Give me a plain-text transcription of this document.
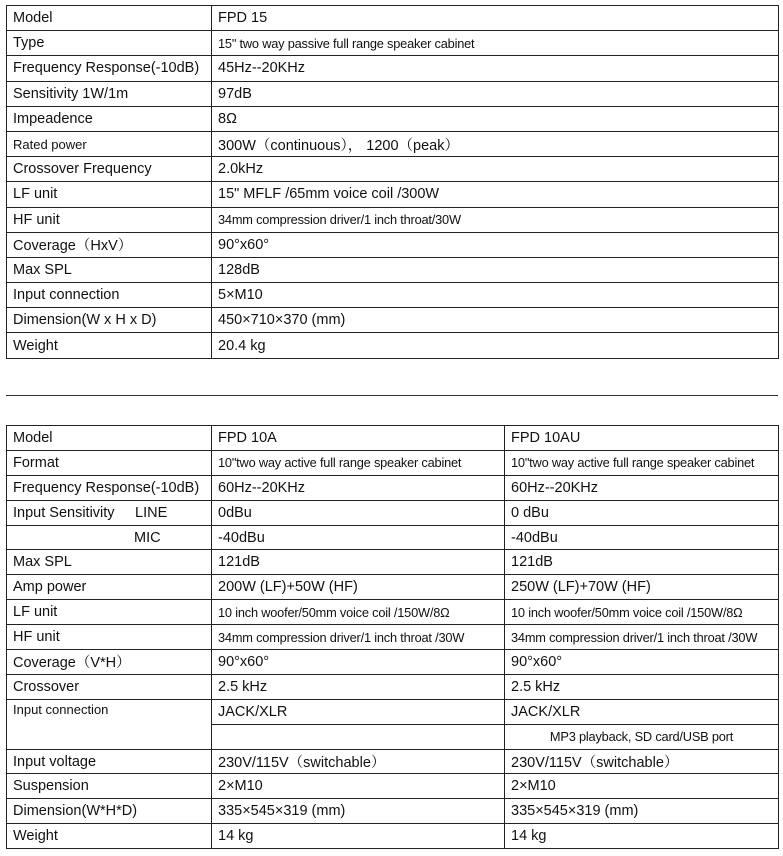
Model	FPD 15
Type	15" two way passive full range speaker cabinet
Frequency Response(-10dB)	45Hz--20KHz
Sensitivity 1W/1m	97dB
Impeadence	8Ω
Rated power	300W（continuous）， 1200（peak）
Crossover Frequency	2.0kHz
LF unit	15" MFLF /65mm voice coil /300W
HF unit	34mm compression driver/1 inch throat/30W
Coverage（HxV）	90°x60°
Max SPL	128dB
Input connection	5×M10
Dimension(W x H x D)	450×710×370 (mm)
Weight	20.4 kg
Model	FPD 10A	FPD 10AU
Format	10"two way active full range speaker cabinet	10"two way active full range speaker cabinet
Frequency Response(-10dB)	60Hz--20KHz	60Hz--20KHz
Input Sensitivity LINE	0dBu	0 dBu
MIC	-40dBu	-40dBu
Max SPL	121dB	121dB
Amp power	200W (LF)+50W (HF)	250W (LF)+70W (HF)
LF unit	10 inch woofer/50mm voice coil /150W/8Ω	10 inch woofer/50mm voice coil /150W/8Ω
HF unit	34mm compression driver/1 inch throat /30W	34mm compression driver/1 inch throat /30W
Coverage（V*H）	90°x60°	90°x60°
Crossover	2.5 kHz	2.5 kHz
Input connection	JACK/XLR	JACK/XLR
		MP3 playback, SD card/USB port
Input voltage	230V/115V（switchable）	230V/115V（switchable）
Suspension	2×M10	2×M10
Dimension(W*H*D)	335×545×319 (mm)	335×545×319 (mm)
Weight	14 kg	14 kg
